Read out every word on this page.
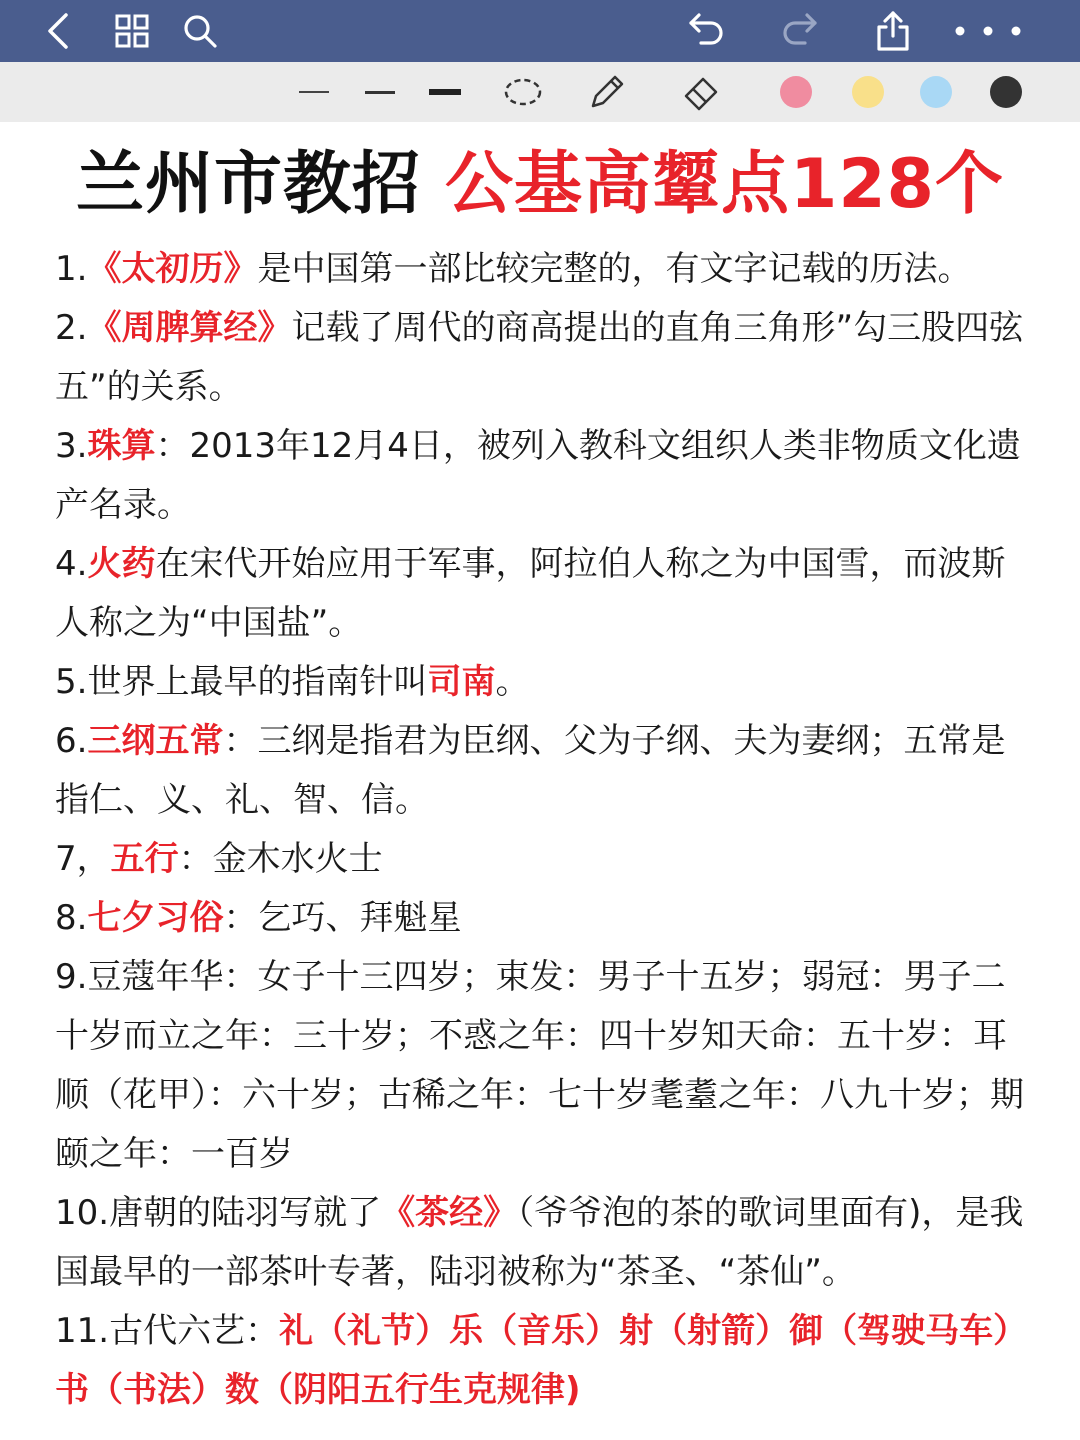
兰州市教招 公基高颦点128个
1.《太初历》是中国第一部比较完整的，有文字记载的历法。
2.《周脾算经》记载了周代的商高提出的直角三角形”勾三股四弦五”的关系。
3.珠算：2013年12月4日，被列入教科文组织人类非物质文化遗产名录。
4.火药在宋代开始应用于军事，阿拉伯人称之为中国雪，而波斯人称之为“中国盐”。
5.世界上最早的指南针叫司南。
6.三纲五常：三纲是指君为臣纲、父为子纲、夫为妻纲；五常是指仁、义、礼、智、信。
7，五行：金木水火士
8.七夕习俗：乞巧、拜魁星
9.豆蔻年华：女子十三四岁；束发：男子十五岁；弱冠：男子二十岁而立之年：三十岁；不惑之年：四十岁知天命：五十岁：耳顺（花甲）：六十岁；古稀之年：七十岁耄耋之年：八九十岁；期颐之年：一百岁
10.唐朝的陆羽写就了《茶经》（爷爷泡的茶的歌词里面有)，是我国最早的一部茶叶专著，陆羽被称为“茶圣、“茶仙”。
11.古代六艺：礼（礼节）乐（音乐）射（射箭）御（驾驶马车）书（书法）数（阴阳五行生克规律)
